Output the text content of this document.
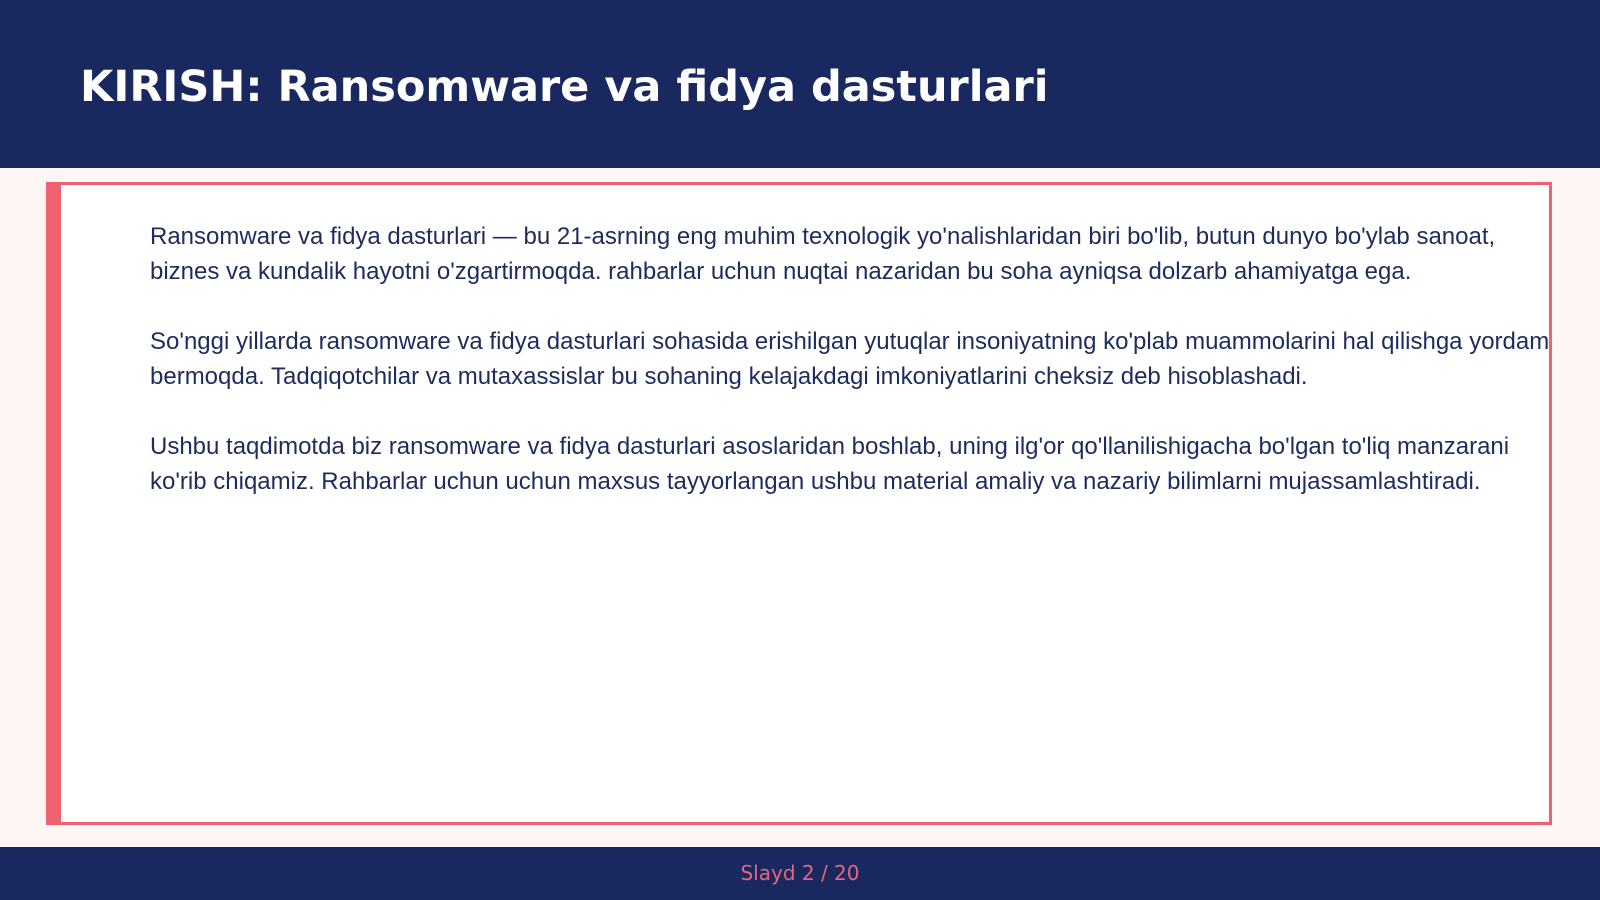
KIRISH: Ransomware va fidya dasturlari

Ransomware va fidya dasturlari — bu 21-asrning eng muhim texnologik yo'nalishlaridan biri bo'lib, butun dunyo bo'ylab sanoat, biznes va kundalik hayotni o'zgartirmoqda. rahbarlar uchun nuqtai nazaridan bu soha ayniqsa dolzarb ahamiyatga ega.

So'nggi yillarda ransomware va fidya dasturlari sohasida erishilgan yutuqlar insoniyatning ko'plab muammolarini hal qilishga yordam bermoqda. Tadqiqotchilar va mutaxassislar bu sohaning kelajakdagi imkoniyatlarini cheksiz deb hisoblashadi.

Ushbu taqdimotda biz ransomware va fidya dasturlari asoslaridan boshlab, uning ilg'or qo'llanilishigacha bo'lgan to'liq manzarani ko'rib chiqamiz. Rahbarlar uchun uchun maxsus tayyorlangan ushbu material amaliy va nazariy bilimlarni mujassamlashtiradi.

Slayd 2 / 20
